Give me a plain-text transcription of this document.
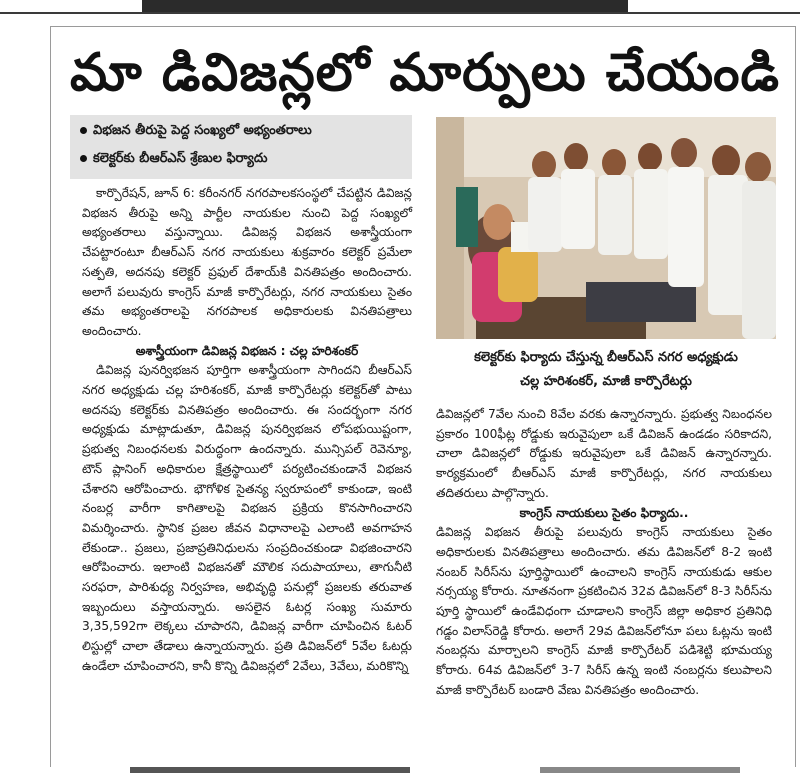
మా డివిజన్లలో మార్పులు చేయండి
విభజన తీరుపై పెద్ద సంఖ్యలో అభ్యంతరాలు
కలెక్టర్‌కు బీఆర్ఎస్ శ్రేణుల ఫిర్యాదు

కార్పొరేషన్, జూన్ 6: కరీంనగర్ నగరపాలకసంస్థలో చేపట్టిన డివిజన్ల విభజన తీరుపై అన్ని పార్టీల నాయకుల నుంచి పెద్ద సంఖ్యలో అభ్యంతరాలు వస్తున్నాయి. డివిజన్ల విభజన అశాస్త్రీయంగా చేపట్టారంటూ బీఆర్ఎస్ నగర నాయకులు శుక్రవారం కలెక్టర్ ప్రమేలా సత్పతి, అదనపు కలెక్టర్ ప్రఫుల్ దేశాయ్‌కి వినతిపత్రం అందించారు. అలాగే పలువురు కాంగ్రెస్ మాజీ కార్పొరేటర్లు, నగర నాయకులు సైతం తమ అభ్యంతరాలపై నగరపాలక అధికారులకు వినతిపత్రాలు అందించారు.

అశాస్త్రీయంగా డివిజన్ల విభజన : చల్ల హరిశంకర్

డివిజన్ల పునర్విభజన పూర్తిగా అశాస్త్రీయంగా సాగిందని బీఆర్ఎస్ నగర అధ్యక్షుడు చల్ల హరిశంకర్, మాజీ కార్పొరేటర్లు కలెక్టర్‌తో పాటు అదనపు కలెక్టర్‌కు వినతిపత్రం అందించారు. ఈ సందర్భంగా నగర అధ్యక్షుడు మాట్లాడుతూ, డివిజన్ల పునర్విభజన లోపభుయిష్టంగా, ప్రభుత్వ నిబంధనలకు విరుద్ధంగా ఉందన్నారు. మున్సిపల్ రెవెన్యూ, టౌన్ ప్లానింగ్ అధికారుల క్షేత్రస్థాయిలో పర్యటించకుండానే విభజన చేశారని ఆరోపించారు. భౌగోళిక సైతన్య స్వరూపంలో కాకుండా, ఇంటి నంబర్ల వారీగా కాగితాలపై విభజన ప్రక్రియ కొనసాగించారని విమర్శించారు. స్థానిక ప్రజల జీవన విధానాలపై ఎలాంటి అవగాహన లేకుండా.. ప్రజలు, ప్రజాప్రతినిధులను సంప్రదించకుండా విభజించారని ఆరోపించారు. ఇలాంటి విభజనతో మౌలిక సదుపాయాలు, తాగునీటి సరఫరా, పారిశుధ్య నిర్వహణ, అభివృద్ధి పనుల్లో ప్రజలకు తరువాత ఇబ్బందులు వస్తాయన్నారు. అసలైన ఓటర్ల సంఖ్య సుమారు 3,35,592గా లెక్కలు చూపారని, డివిజన్ల వారీగా చూపించిన ఓటర్ లిస్టుల్లో చాలా తేడాలు ఉన్నాయన్నారు. ప్రతి డివిజన్‌లో 5వేల ఓటర్లు ఉండేలా చూపించారని, కానీ కొన్ని డివిజన్లలో 2వేలు, 3వేలు, మరికొన్ని

కలెక్టర్‌కు ఫిర్యాదు చేస్తున్న బీఆర్ఎస్ నగర అధ్యక్షుడు
చల్ల హరిశంకర్, మాజీ కార్పొరేటర్లు

డివిజన్లలో 7వేల నుంచి 8వేల వరకు ఉన్నారన్నారు. ప్రభుత్వ నిబంధనల ప్రకారం 100ఫీట్ల రోడ్డుకు ఇరువైపులా ఒకే డివిజన్ ఉండడం సరికాదని, చాలా డివిజన్లలో రోడ్డుకు ఇరువైపులా ఒకే డివిజన్ ఉన్నారన్నారు. కార్యక్రమంలో బీఆర్ఎస్ మాజీ కార్పొరేటర్లు, నగర నాయకులు తదితరులు పాల్గొన్నారు.

కాంగ్రెస్ నాయకులు సైతం ఫిర్యాదు..

డివిజన్ల విభజన తీరుపై పలువురు కాంగ్రెస్ నాయకులు సైతం అధికారులకు వినతిపత్రాలు అందించారు. తమ డివిజన్‌లో 8-2 ఇంటి నంబర్ సిరీస్‌ను పూర్తిస్థాయిలో ఉంచాలని కాంగ్రెస్ నాయకుడు ఆకుల నర్సయ్య కోరారు. నూతనంగా ప్రకటించిన 32వ డివిజన్‌లో 8-3 సిరీస్‌ను పూర్తి స్థాయిలో ఉండేవిధంగా చూడాలని కాంగ్రెస్ జిల్లా అధికార ప్రతినిధి గడ్డం విలాస్‌రెడ్డి కోరారు. అలాగే 29వ డివిజన్‌లోనూ పలు ఓట్లను ఇంటి నంబర్లను మార్చాలని కాంగ్రెస్ మాజీ కార్పొరేటర్ పడిశెట్టి భూమయ్య కోరారు. 64వ డివిజన్‌లో 3-7 సిరీస్ ఉన్న ఇంటి నంబర్లను కలుపాలని మాజీ కార్పొరేటర్ బండారి వేణు వినతిపత్రం అందించారు.
